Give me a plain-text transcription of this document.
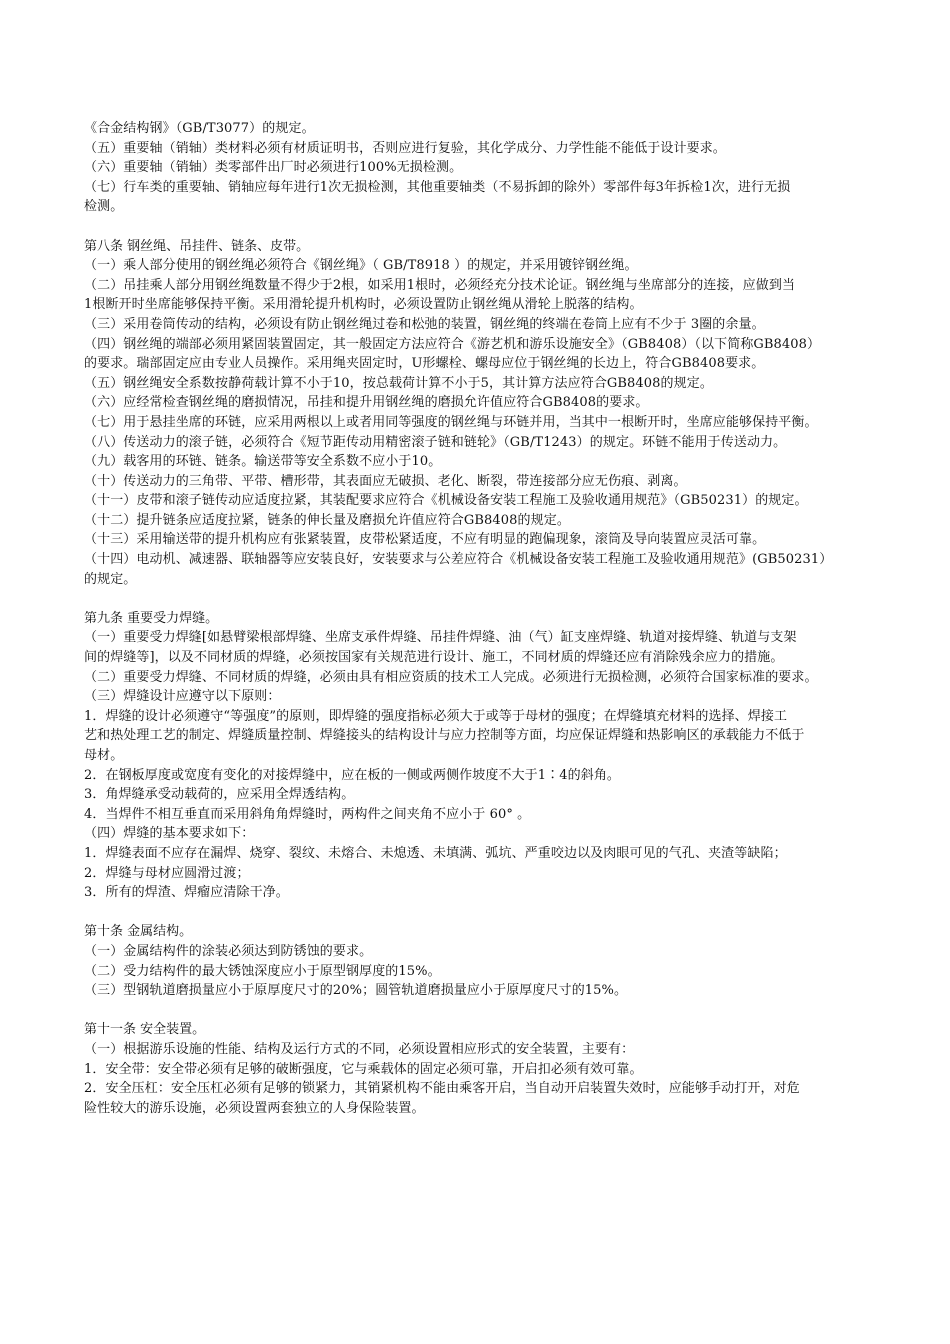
《合金结构钢》（GB/T3077）的规定。
（五）重要轴（销轴）类材料必须有材质证明书，否则应进行复验，其化学成分、力学性能不能低于设计要求。
（六）重要轴（销轴）类零部件出厂时必须进行100%无损检测。
（七）行车类的重要轴、销轴应每年进行1次无损检测，其他重要轴类（不易拆卸的除外）零部件每3年拆检1次，进行无损
检测。
第八条 钢丝绳、吊挂件、链条、皮带。
（一）乘人部分使用的钢丝绳必须符合《钢丝绳》（ GB/T8918 ）的规定，并采用镀锌钢丝绳。
（二）吊挂乘人部分用钢丝绳数量不得少于2根，如采用1根时，必须经充分技术论证。钢丝绳与坐席部分的连接，应做到当
1根断开时坐席能够保持平衡。采用滑轮提升机构时，必须设置防止钢丝绳从滑轮上脱落的结构。
（三）采用卷筒传动的结构，必须设有防止钢丝绳过卷和松弛的装置，钢丝绳的终端在卷筒上应有不少于 3圈的余量。
（四）钢丝绳的端部必须用紧固装置固定，其一般固定方法应符合《游艺机和游乐设施安全》（GB8408）（以下简称GB8408）
的要求。瑞部固定应由专业人员操作。采用绳夹固定时，U形螺栓、螺母应位于钢丝绳的长边上，符合GB8408要求。
（五）钢丝绳安全系数按静荷载计算不小于10，按总载荷计算不小于5，其计算方法应符合GB8408的规定。
（六）应经常检查钢丝绳的磨损情况，吊挂和提升用钢丝绳的磨损允许值应符合GB8408的要求。
（七）用于悬挂坐席的环链，应采用两根以上或者用同等强度的钢丝绳与环链并用，当其中一根断开时，坐席应能够保持平衡。
（八）传送动力的滚子链，必须符合《短节距传动用精密滚子链和链轮》（GB/T1243）的规定。环链不能用于传送动力。
（九）载客用的环链、链条。输送带等安全系数不应小于10。
（十）传送动力的三角带、平带、槽形带，其表面应无破损、老化、断裂，带连接部分应无伤痕、剥离。
（十一）皮带和滚子链传动应适度拉紧，其装配要求应符合《机械设备安装工程施工及验收通用规范》（GB50231）的规定。
（十二）提升链条应适度拉紧，链条的伸长量及磨损允许值应符合GB8408的规定。
（十三）采用输送带的提升机构应有张紧装置，皮带松紧适度，不应有明显的跑偏现象，滚筒及导向装置应灵活可靠。
（十四）电动机、减速器、联轴器等应安装良好，安装要求与公差应符合《机械设备安装工程施工及验收通用规范》(GB50231）
的规定。
第九条 重要受力焊缝。
（一）重要受力焊缝[如悬臂梁根部焊缝、坐席支承件焊缝、吊挂件焊缝、油（气）缸支座焊缝、轨道对接焊缝、轨道与支架
间的焊缝等]，以及不同材质的焊缝，必须按国家有关规范进行设计、施工，不同材质的焊缝还应有消除残余应力的措施。
（二）重要受力焊缝、不同材质的焊缝，必须由具有相应资质的技术工人完成。必须进行无损检测，必须符合国家标准的要求。
（三）焊缝设计应遵守以下原则：
1．焊缝的设计必须遵守“等强度”的原则，即焊缝的强度指标必须大于或等于母材的强度；在焊缝填充材料的选择、焊接工
艺和热处理工艺的制定、焊缝质量控制、焊缝接头的结构设计与应力控制等方面，均应保证焊缝和热影响区的承载能力不低于
母材。
2．在钢板厚度或宽度有变化的对接焊缝中，应在板的一侧或两侧作坡度不大于1∶4的斜角。
3．角焊缝承受动载荷的，应采用全焊透结构。
4．当焊件不相互垂直而采用斜角角焊缝时，两构件之间夹角不应小于 60° 。
（四）焊缝的基本要求如下：
1．焊缝表面不应存在漏焊、烧穿、裂纹、未熔合、未熄透、未填满、弧坑、严重咬边以及肉眼可见的气孔、夹渣等缺陷；
2．焊缝与母材应圆滑过渡；
3．所有的焊渣、焊瘤应清除干净。
第十条 金属结构。
（一）金属结构件的涂装必须达到防锈蚀的要求。
（二）受力结构件的最大锈蚀深度应小于原型钢厚度的15%。
（三）型钢轨道磨损量应小于原厚度尺寸的20%；圆管轨道磨损量应小于原厚度尺寸的15%。
第十一条 安全装置。
（一）根据游乐设施的性能、结构及运行方式的不同，必须设置相应形式的安全装置，主要有：
1．安全带：安全带必须有足够的破断强度，它与乘载体的固定必须可靠，开启扣必须有效可靠。
2．安全压杠：安全压杠必须有足够的锁紧力，其销紧机构不能由乘客开启，当自动开启装置失效时，应能够手动打开，对危
险性较大的游乐设施，必须设置两套独立的人身保险装置。
